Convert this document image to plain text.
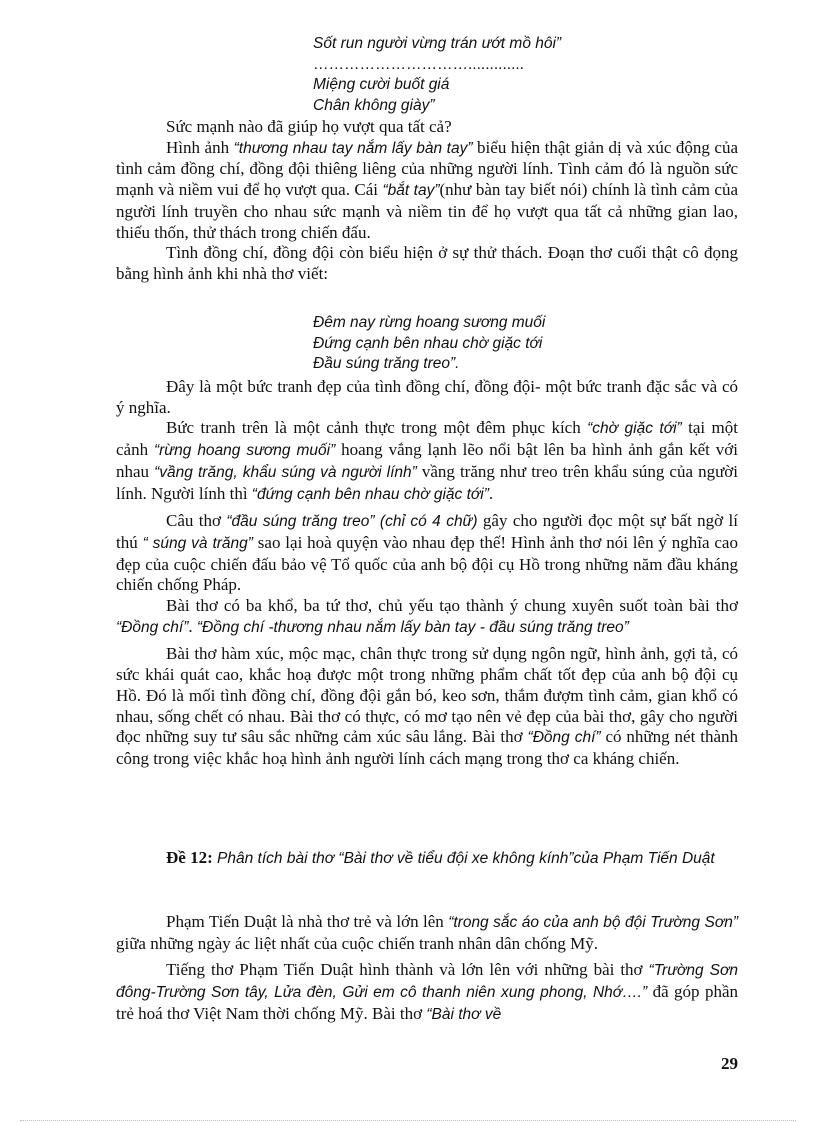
Sốt run người vừng trán ướt mồ hôi”
………………………….............
Miệng cười buốt giá
Chân không giày”

Sức mạnh nào đã giúp họ vượt qua tất cả?

Hình ảnh “thương nhau tay nắm lấy bàn tay” biểu hiện thật giản dị và xúc động của tình cảm đồng chí, đồng đội thiêng liêng của những người lính. Tình cảm đó là nguồn sức mạnh và niềm vui để họ vượt qua. Cái “bắt tay”(như bàn tay biết nói) chính là tình cảm của người lính truyền cho nhau sức mạnh và niềm tin để họ vượt qua tất cả những gian lao, thiếu thốn, thử thách trong chiến đấu.

Tình đồng chí, đồng đội còn biểu hiện ở sự thử thách. Đoạn thơ cuối thật cô đọng bằng hình ảnh khi nhà thơ viết:

Đêm nay rừng hoang sương muối
Đứng cạnh bên nhau chờ giặc tới
Đầu súng trăng treo”.

Đây là một bức tranh đẹp của tình đồng chí, đồng đội- một bức tranh đặc sắc và có ý nghĩa.

Bức tranh trên là một cảnh thực trong một đêm phục kích “chờ giặc tới” tại một cảnh “rừng hoang sương muối” hoang vắng lạnh lẽo nổi bật lên ba hình ảnh gắn kết với nhau “vầng trăng, khẩu súng và người lính” vầng trăng như treo trên khẩu súng của người lính. Người lính thì “đứng cạnh bên nhau chờ giặc tới”.

Câu thơ “đầu súng trăng treo” (chỉ có 4 chữ) gây cho người đọc một sự bất ngờ lí thú “ súng và trăng” sao lại hoà quyện vào nhau đẹp thế! Hình ảnh thơ nói lên ý nghĩa cao đẹp của cuộc chiến đấu bảo vệ Tổ quốc của anh bộ đội cụ Hồ trong những năm đầu kháng chiến chống Pháp.

Bài thơ có ba khổ, ba tứ thơ, chủ yếu tạo thành ý chung xuyên suốt toàn bài thơ “Đồng chí”. “Đồng chí -thương nhau nắm lấy bàn tay - đầu súng trăng treo”

Bài thơ hàm xúc, mộc mạc, chân thực trong sử dụng ngôn ngữ, hình ảnh, gợi tả, có sức khái quát cao, khắc hoạ được một trong những phẩm chất tốt đẹp của anh bộ đội cụ Hồ. Đó là mối tình đồng chí, đồng đội gắn bó, keo sơn, thắm đượm tình cảm, gian khổ có nhau, sống chết có nhau. Bài thơ có thực, có mơ tạo nên vẻ đẹp của bài thơ, gây cho người đọc những suy tư sâu sắc những cảm xúc sâu lắng. Bài thơ “Đồng chí” có những nét thành công trong việc khắc hoạ hình ảnh người lính cách mạng trong thơ ca kháng chiến.

Đề 12: Phân tích bài thơ “Bài thơ về tiểu đội xe không kính”của Phạm Tiến Duật

Phạm Tiến Duật là nhà thơ trẻ và lớn lên “trong sắc áo của anh bộ đội Trường Sơn” giữa những ngày ác liệt nhất của cuộc chiến tranh nhân dân chống Mỹ.

Tiếng thơ Phạm Tiến Duật hình thành và lớn lên với những bài thơ “Trường Sơn đông-Trường Sơn tây, Lửa đèn, Gửi em cô thanh niên xung phong, Nhớ….” đã góp phần trẻ hoá thơ Việt Nam thời chống Mỹ. Bài thơ “Bài thơ về

29
